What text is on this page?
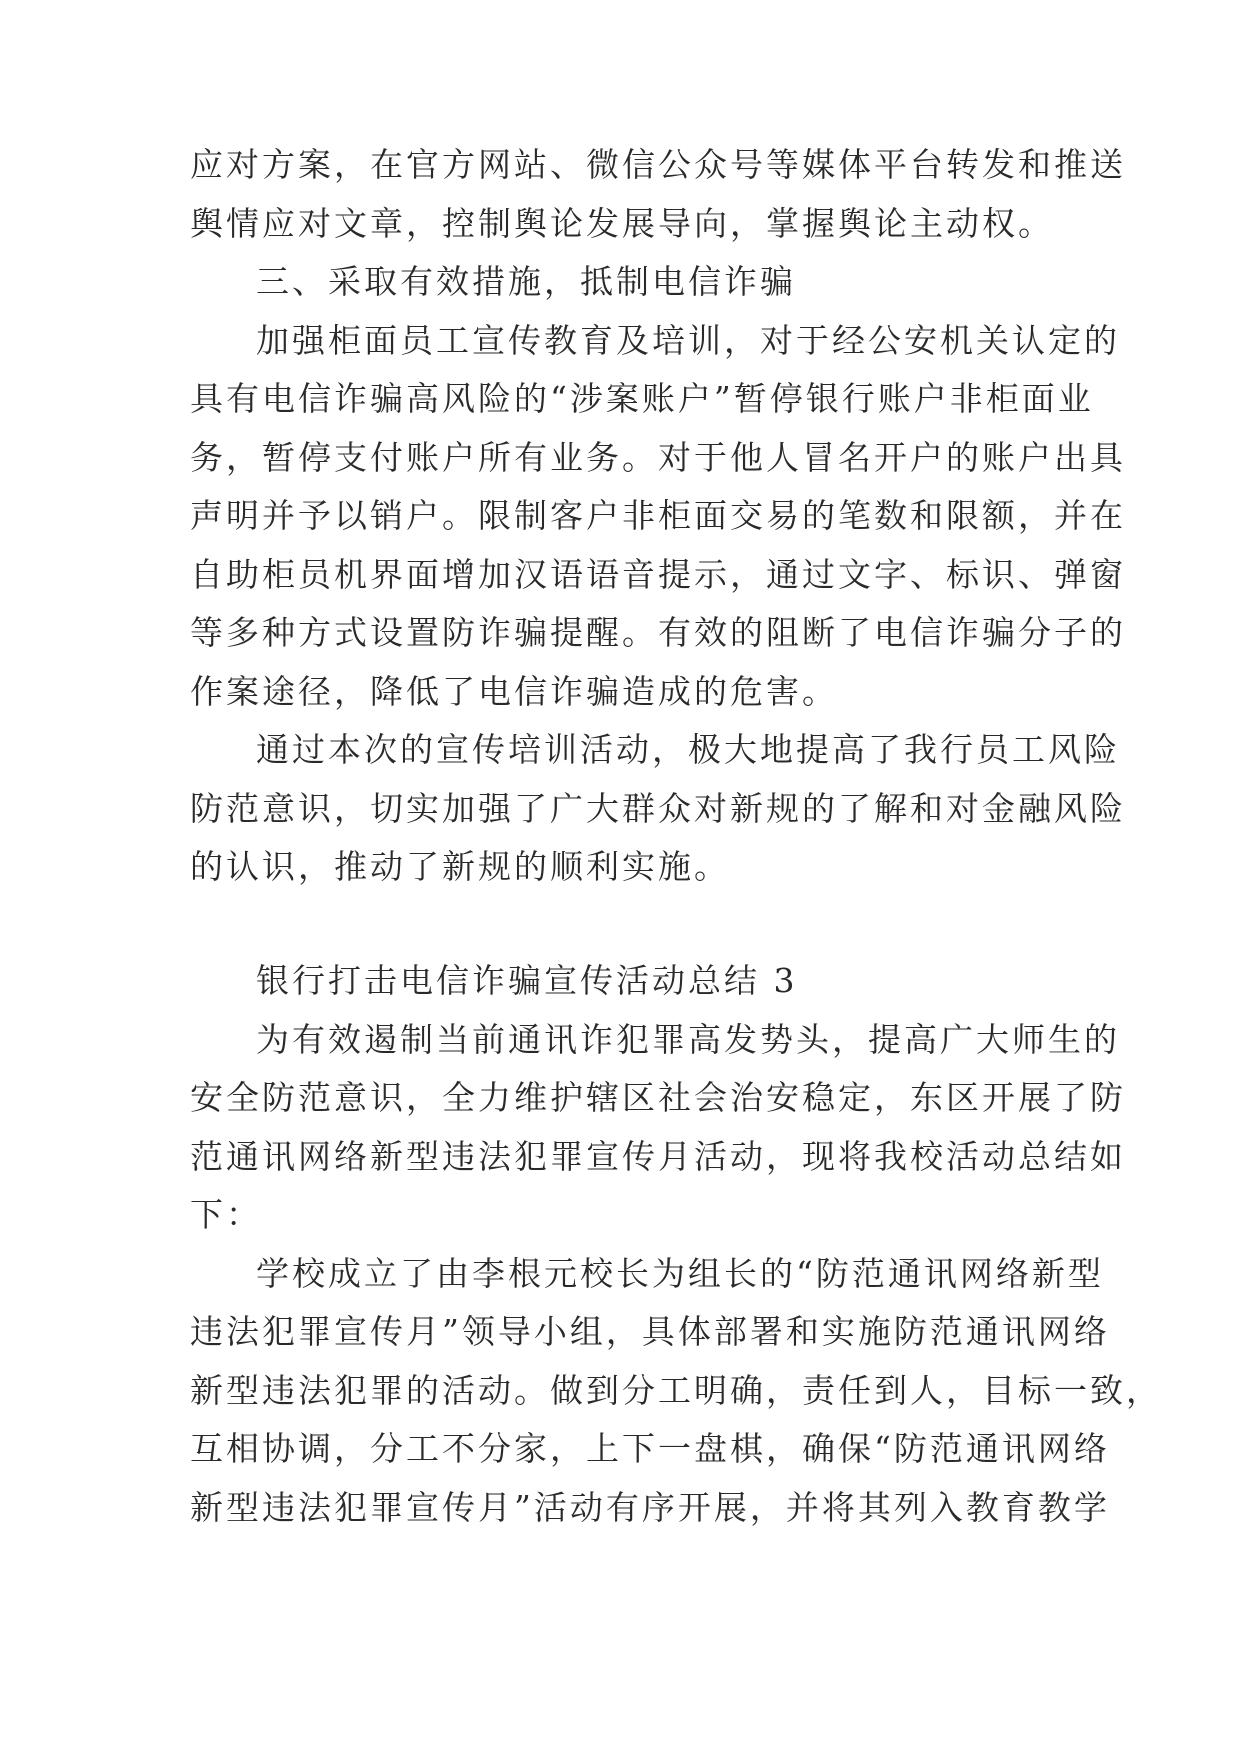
应对方案，在官方网站、微信公众号等媒体平台转发和推送
舆情应对文章，控制舆论发展导向，掌握舆论主动权。
三、采取有效措施，抵制电信诈骗
加强柜面员工宣传教育及培训，对于经公安机关认定的
具有电信诈骗高风险的“涉案账户”暂停银行账户非柜面业
务，暂停支付账户所有业务。对于他人冒名开户的账户出具
声明并予以销户。限制客户非柜面交易的笔数和限额，并在
自助柜员机界面增加汉语语音提示，通过文字、标识、弹窗
等多种方式设置防诈骗提醒。有效的阻断了电信诈骗分子的
作案途径，降低了电信诈骗造成的危害。
通过本次的宣传培训活动，极大地提高了我行员工风险
防范意识，切实加强了广大群众对新规的了解和对金融风险
的认识，推动了新规的顺利实施。
银行打击电信诈骗宣传活动总结 3
为有效遏制当前通讯诈犯罪高发势头，提高广大师生的
安全防范意识，全力维护辖区社会治安稳定，东区开展了防
范通讯网络新型违法犯罪宣传月活动，现将我校活动总结如
下：
学校成立了由李根元校长为组长的“防范通讯网络新型
违法犯罪宣传月”领导小组，具体部署和实施防范通讯网络
新型违法犯罪的活动。做到分工明确，责任到人，目标一致，
互相协调，分工不分家，上下一盘棋，确保“防范通讯网络
新型违法犯罪宣传月”活动有序开展，并将其列入教育教学
